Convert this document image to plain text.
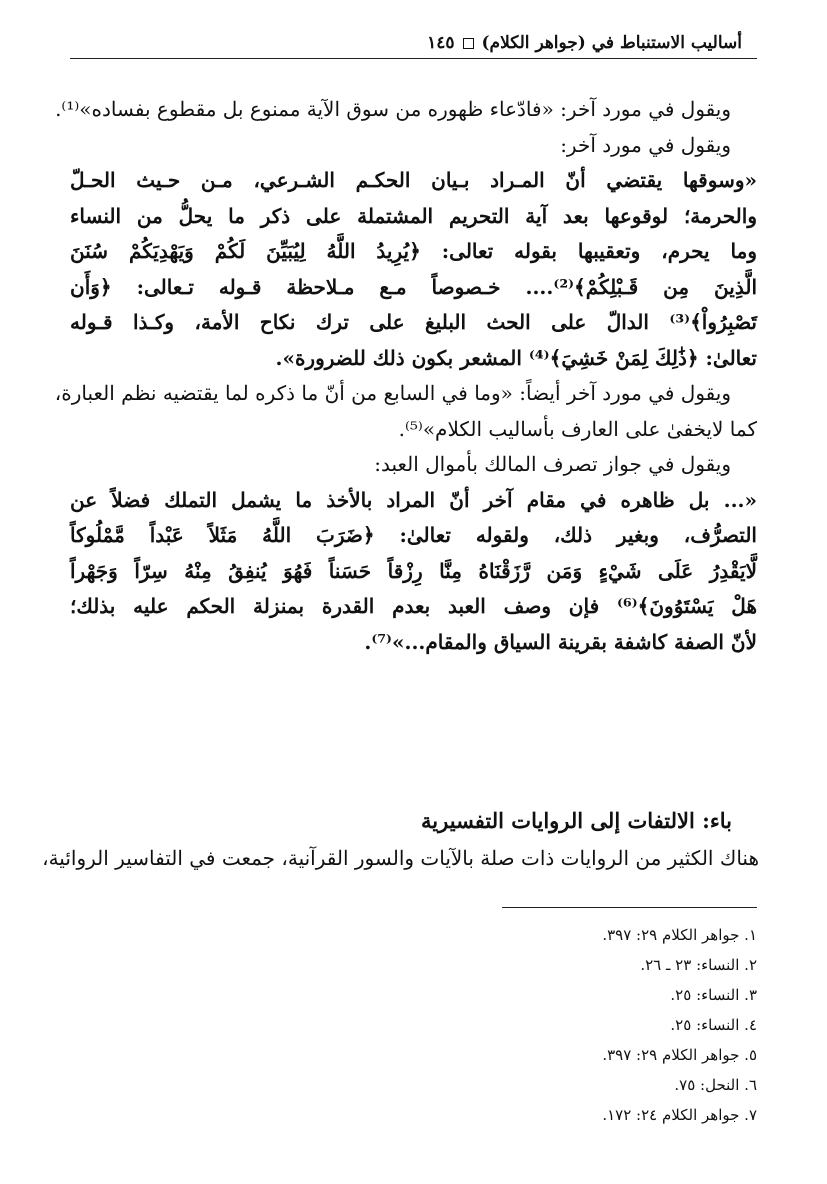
أساليب الاستنباط في (جواهر الكلام)
١٤٥
ويقول في مورد آخر: «فادّعاء ظهوره من سوق الآية ممنوع بل مقطوع بفساده»⁽¹⁾.
ويقول في مورد آخر:
«وسوقها يقتضي أنّ المـراد بـيان الحكـم الشـرعي، مـن حـيث الحـلّ
والحرمة؛ لوقوعها بعد آية التحريم المشتملة على ذكر ما يحلُّ من النساء
وما يحرم، وتعقيبها بقوله تعالى: ﴿يُرِيدُ اللَّهُ لِيُبَيِّنَ لَكُمْ وَيَهْدِيَكُمْ سُنَنَ
الَّذِينَ مِن قَـبْلِكُمْ﴾⁽²⁾.... خـصوصاً مـع مـلاحظة قـوله تـعالى: ﴿وَأَن
تَصْبِرُواْ﴾⁽³⁾ الدالّ على الحث البليغ على ترك نكاح الأمة، وكـذا قـوله
تعالىٰ: ﴿ذَٰلِكَ لِمَنْ خَشِيَ﴾⁽⁴⁾ المشعر بكون ذلك للضرورة».
ويقول في مورد آخر أيضاً: «وما في السابع من أنّ ما ذكره لما يقتضيه نظم العبارة،
كما لايخفىٰ على العارف بأساليب الكلام»⁽⁵⁾.
ويقول في جواز تصرف المالك بأموال العبد:
«... بل ظاهره في مقام آخر أنّ المراد بالأخذ ما يشمل التملك فضلاً عن
التصرُّف، وبغير ذلك، ولقوله تعالىٰ: ﴿ضَرَبَ اللَّهُ مَثَلاً عَبْداً مَّمْلُوكاً
لَّايَقْدِرُ عَلَى شَيْءٍ وَمَن رَّزَقْنَاهُ مِنَّا رِزْقاً حَسَناً فَهُوَ يُنفِقُ مِنْهُ سِرّاً وَجَهْراً
هَلْ يَسْتَوُونَ﴾⁽⁶⁾ فإن وصف العبد بعدم القدرة بمنزلة الحكم عليه بذلك؛
لأنّ الصفة كاشفة بقرينة السياق والمقام...»⁽⁷⁾.
باء: الالتفات إلى الروايات التفسيرية
هناك الكثير من الروايات ذات صلة بالآيات والسور القرآنية، جمعت في التفاسير الروائية،
١. جواهر الكلام ٢٩: ٣٩٧.
٢. النساء: ٢٣ ـ ٢٦.
٣. النساء: ٢٥.
٤. النساء: ٢٥.
٥. جواهر الكلام ٢٩: ٣٩٧.
٦. النحل: ٧٥.
٧. جواهر الكلام ٢٤: ١٧٢.
